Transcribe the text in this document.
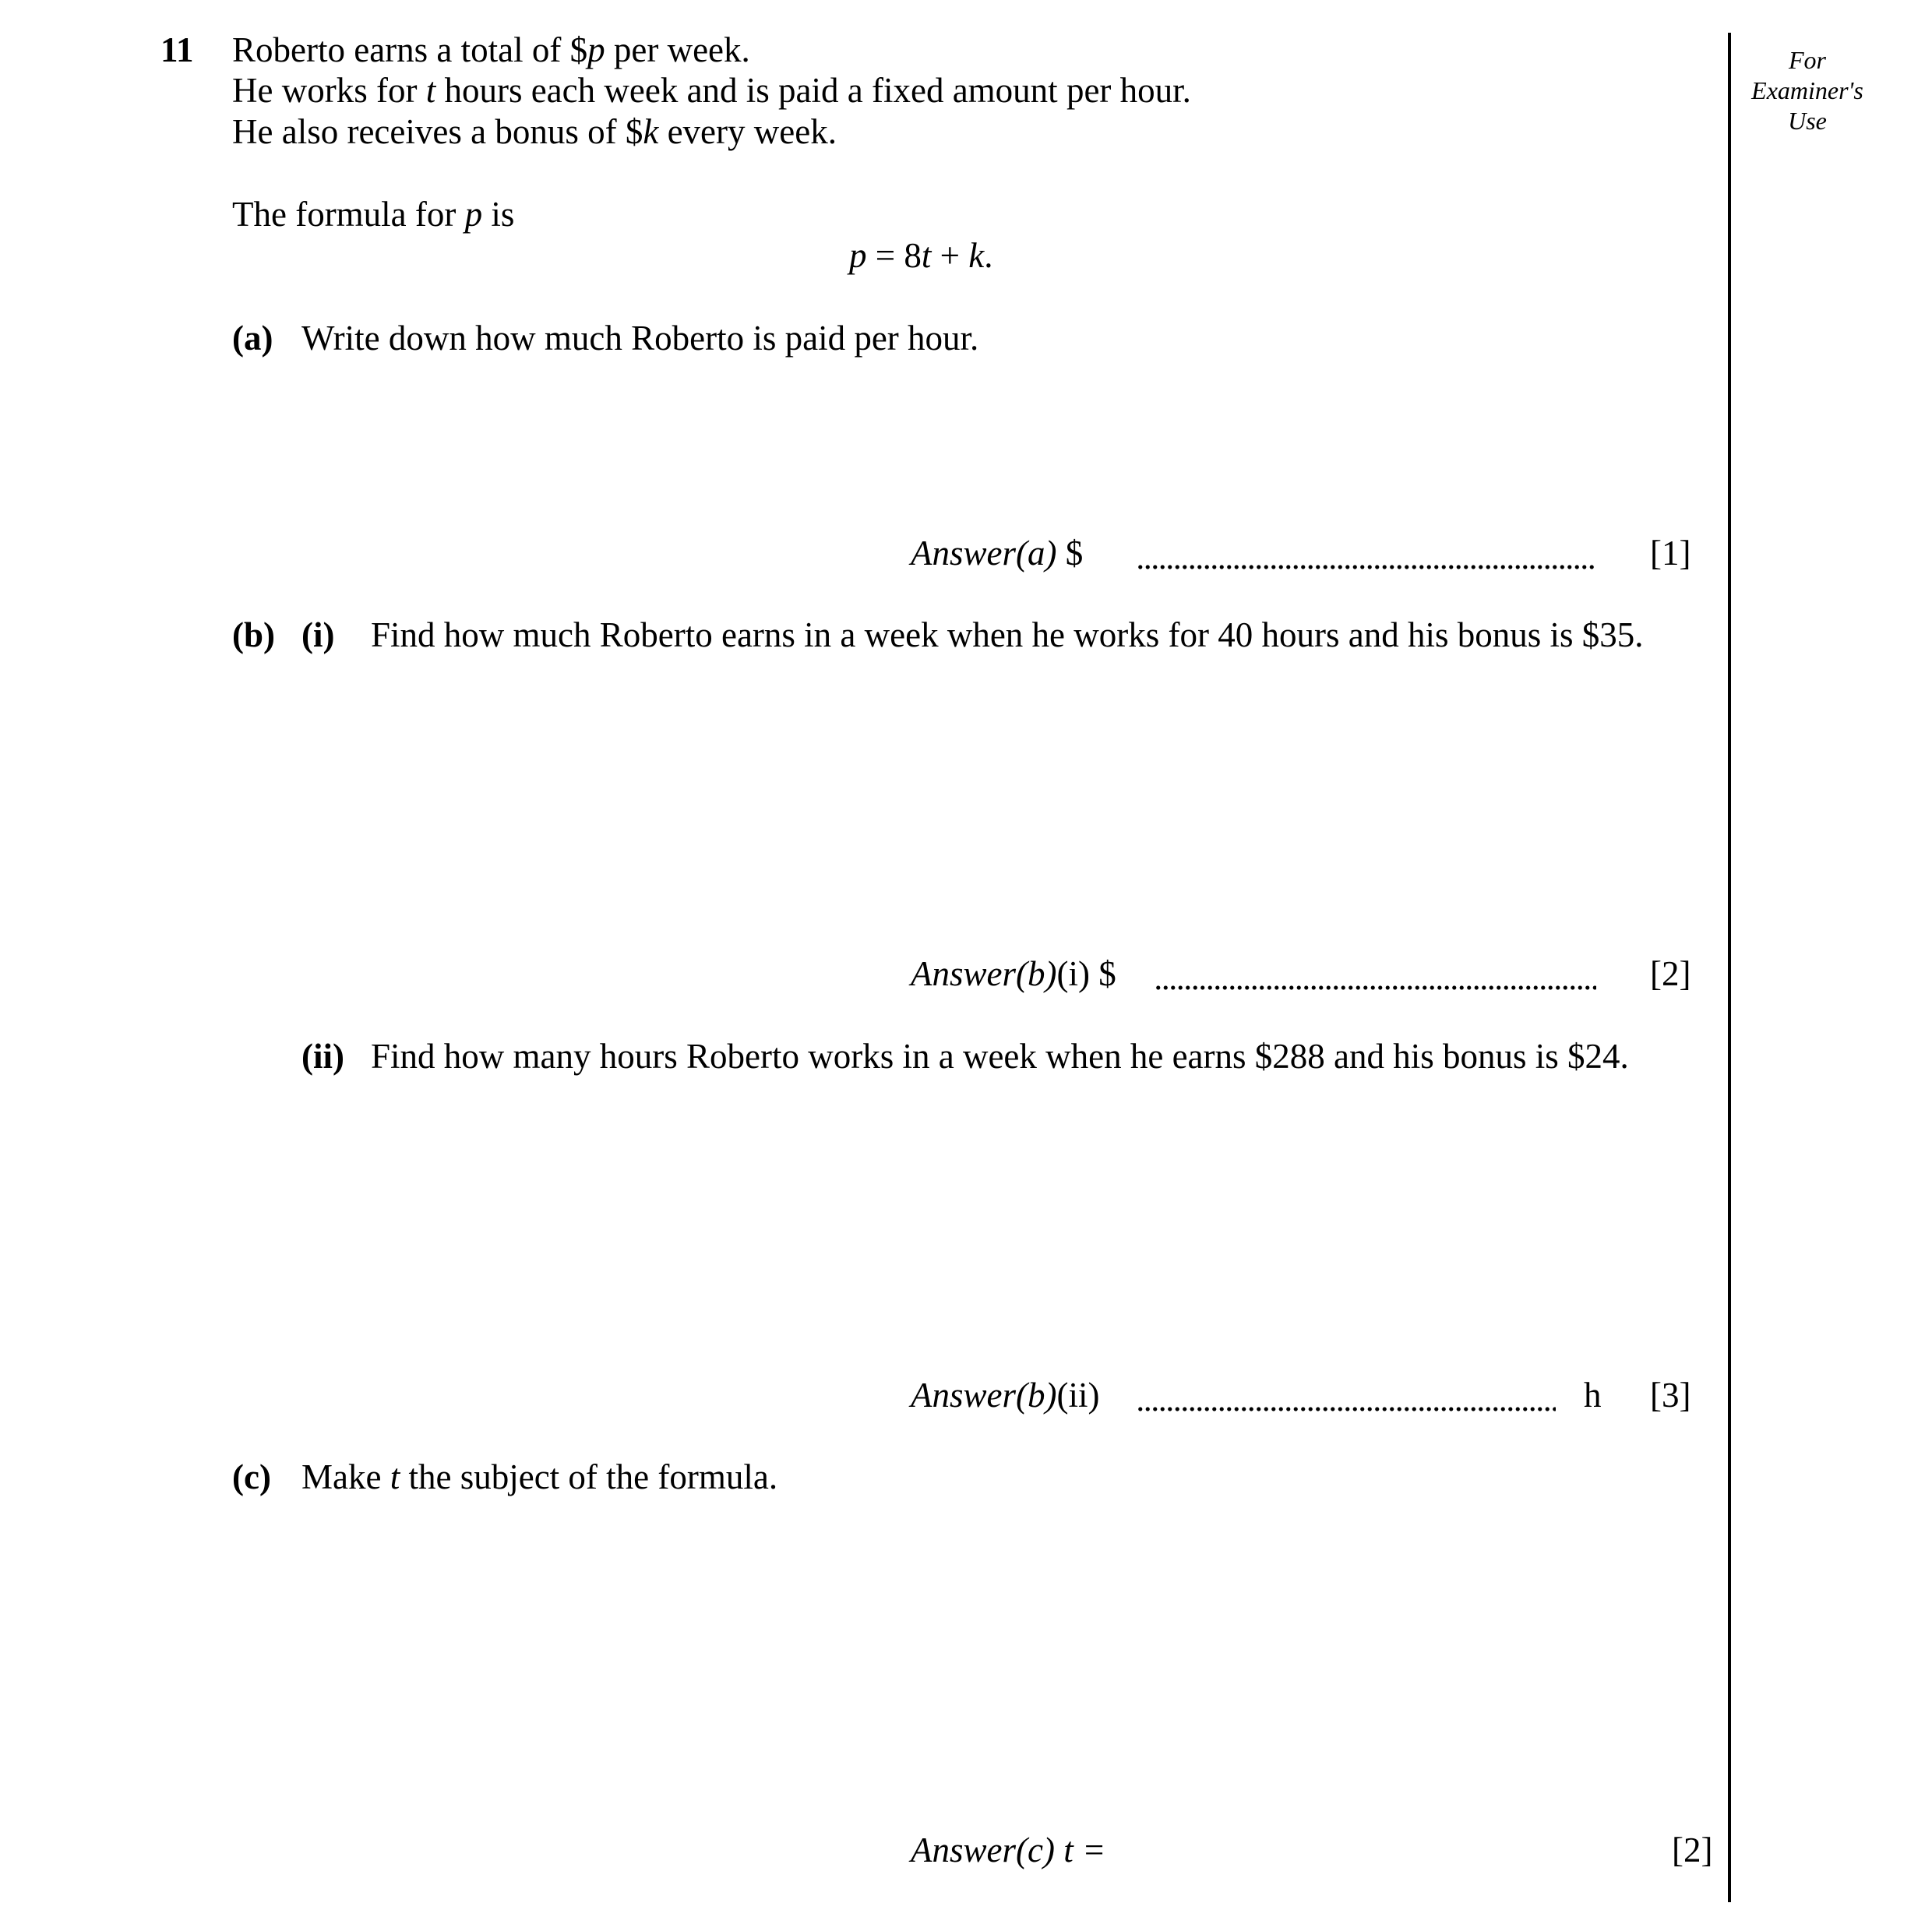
11 Roberto earns a total of $p per week.
He works for t hours each week and is paid a fixed amount per hour.
He also receives a bonus of $k every week.
The formula for p is
p = 8t + k.
(a) Write down how much Roberto is paid per hour.
Answer(a) $	[1]
(b) (i) Find how much Roberto earns in a week when he works for 40 hours and his bonus is $35.
Answer(b)(i) $	[2]
(ii) Find how many hours Roberto works in a week when he earns $288 and his bonus is $24.
Answer(b)(ii)	h [3]
(c) Make t the subject of the formula.
Answer(c) t =	[2]
For
Examiner's
Use
